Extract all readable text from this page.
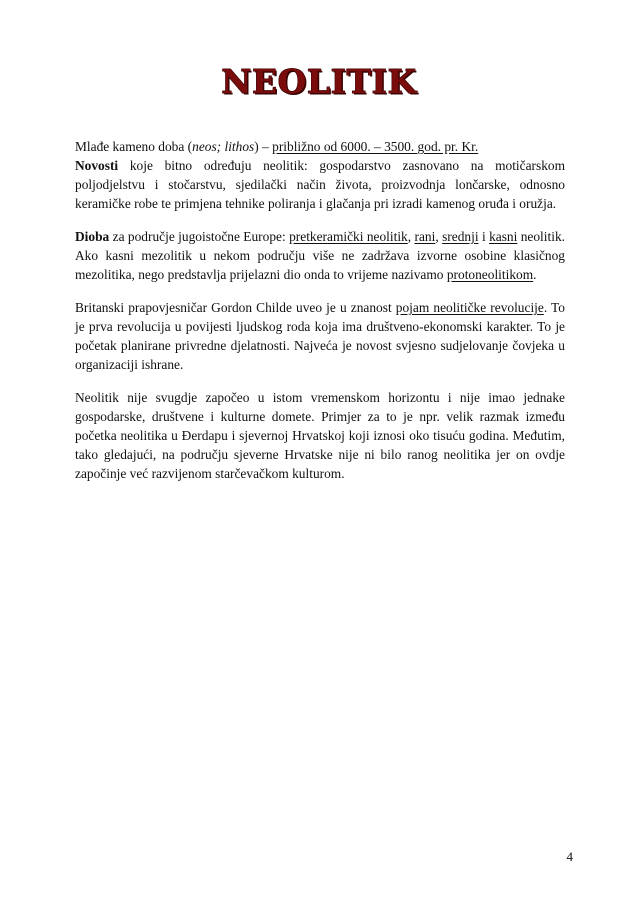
NEOLITIK

Mlađe kameno doba (neos; lithos) – približno od 6000. – 3500. god. pr. Kr.

Novosti koje bitno određuju neolitik: gospodarstvo zasnovano na motičarskom poljodjelstvu i stočarstvu, sjedilački način života, proizvodnja lončarske, odnosno keramičke robe te primjena tehnike poliranja i glačanja pri izradi kamenog oruđa i oružja.

Dioba za područje jugoistočne Europe: pretkeramički neolitik, rani, srednji i kasni neolitik. Ako kasni mezolitik u nekom području više ne zadržava izvorne osobine klasičnog mezolitika, nego predstavlja prijelazni dio onda to vrijeme nazivamo protoneolitikom.

Britanski prapovjesničar Gordon Childe uveo je u znanost pojam neolitičke revolucije. To je prva revolucija u povijesti ljudskog roda koja ima društveno-ekonomski karakter. To je početak planirane privredne djelatnosti. Najveća je novost svjesno sudjelovanje čovjeka u organizaciji ishrane.

Neolitik nije svugdje započeo u istom vremenskom horizontu i nije imao jednake gospodarske, društvene i kulturne domete. Primjer za to je npr. velik razmak između početka neolitika u Đerdapu i sjevernoj Hrvatskoj koji iznosi oko tisuću godina. Međutim, tako gledajući, na području sjeverne Hrvatske nije ni bilo ranog neolitika jer on ovdje započinje već razvijenom starčevačkom kulturom.

4
